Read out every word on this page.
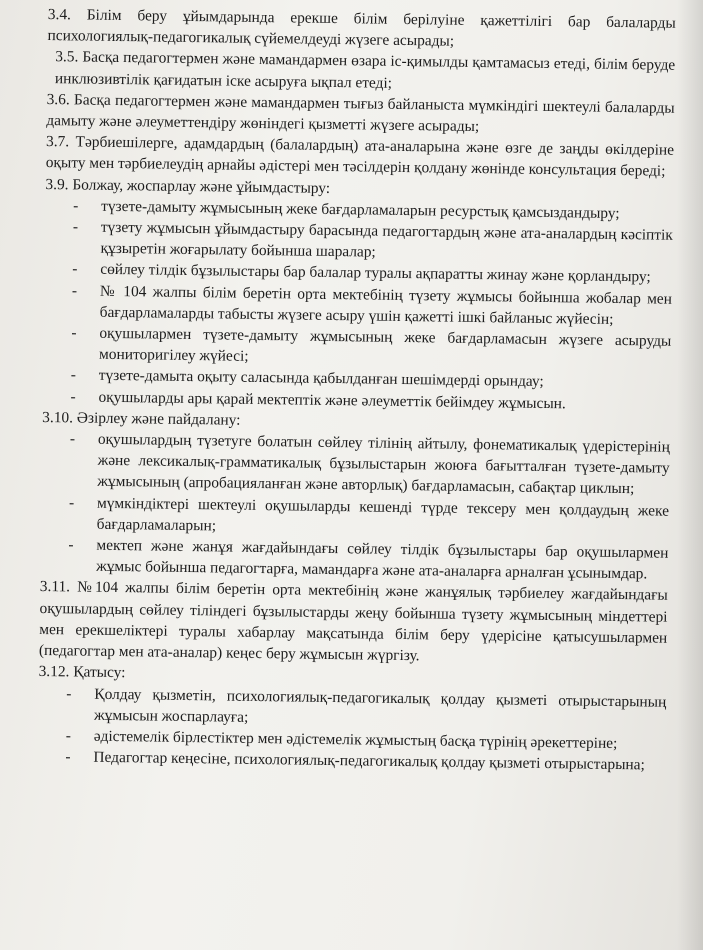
3.4. Білім беру ұйымдарында ерекше білім берілуіне қажеттілігі бар балаларды психологиялық-педагогикалық сүйемелдеуді жүзеге асырады;

3.5. Басқа педагогтермен және мамандармен өзара іс-қимылды қамтамасыз етеді, білім беруде инклюзивтілік қағидатын іске асыруға ықпал етеді;

3.6. Басқа педагогтермен және мамандармен тығыз байланыста мүмкіндігі шектеулі балаларды дамыту және әлеуметтендіру жөніндегі қызметті жүзеге асырады;

3.7. Тәрбиешілерге, адамдардың (балалардың) ата-аналарына және өзге де заңды өкілдеріне оқыту мен тәрбиелеудің арнайы әдістері мен тәсілдерін қолдану жөнінде консультация береді;

3.9. Болжау, жоспарлау және ұйымдастыру:

- түзете-дамыту жұмысының жеке бағдарламаларын ресурстық қамсыздандыру;
- түзету жұмысын ұйымдастыру барасында педагогтардың және ата-аналардың кәсіптік құзыретін жоғарылату бойынша шаралар;
- сөйлеу тілдік бұзылыстары бар балалар туралы ақпаратты жинау және қорландыру;
- № 104 жалпы білім беретін орта мектебінің түзету жұмысы бойынша жобалар мен бағдарламаларды табысты жүзеге асыру үшін қажетті ішкі байланыс жүйесін;
- оқушылармен түзете-дамыту жұмысының жеке бағдарламасын жүзеге асыруды мониторигілеу жүйесі;
- түзете-дамыта оқыту саласында қабылданған шешімдерді орындау;
- оқушыларды ары қарай мектептік және әлеуметтік бейімдеу жұмысын.

3.10. Әзірлеу және пайдалану:

- оқушылардың түзетуге болатын сөйлеу тілінің айтылу, фонематикалық үдерістерінің және лексикалық-грамматикалық бұзылыстарын жоюға бағытталған түзете-дамыту жұмысының (апробацияланған және авторлық) бағдарламасын, сабақтар циклын;
- мүмкіндіктері шектеулі оқушыларды кешенді түрде тексеру мен қолдаудың жеке бағдарламаларын;
- мектеп және жанұя жағдайындағы сөйлеу тілдік бұзылыстары бар оқушылармен жұмыс бойынша педагогтарға, мамандарға және ата-аналарға арналған ұсынымдар.

3.11. №104 жалпы білім беретін орта мектебінің және жанұялық тәрбиелеу жағдайындағы оқушылардың сөйлеу тіліндегі бұзылыстарды жеңу бойынша түзету жұмысының міндеттері мен ерекшеліктері туралы хабарлау мақсатында білім беру үдерісіне қатысушылармен (педагогтар мен ата-аналар) кеңес беру жұмысын жүргізу.

3.12. Қатысу:

- Қолдау қызметін, психологиялық-педагогикалық қолдау қызметі отырыстарының жұмысын жоспарлауға;
- әдістемелік бірлестіктер мен әдістемелік жұмыстың басқа түрінің әрекеттеріне;
- Педагогтар кеңесіне, психологиялық-педагогикалық қолдау қызметі отырыстарына;
